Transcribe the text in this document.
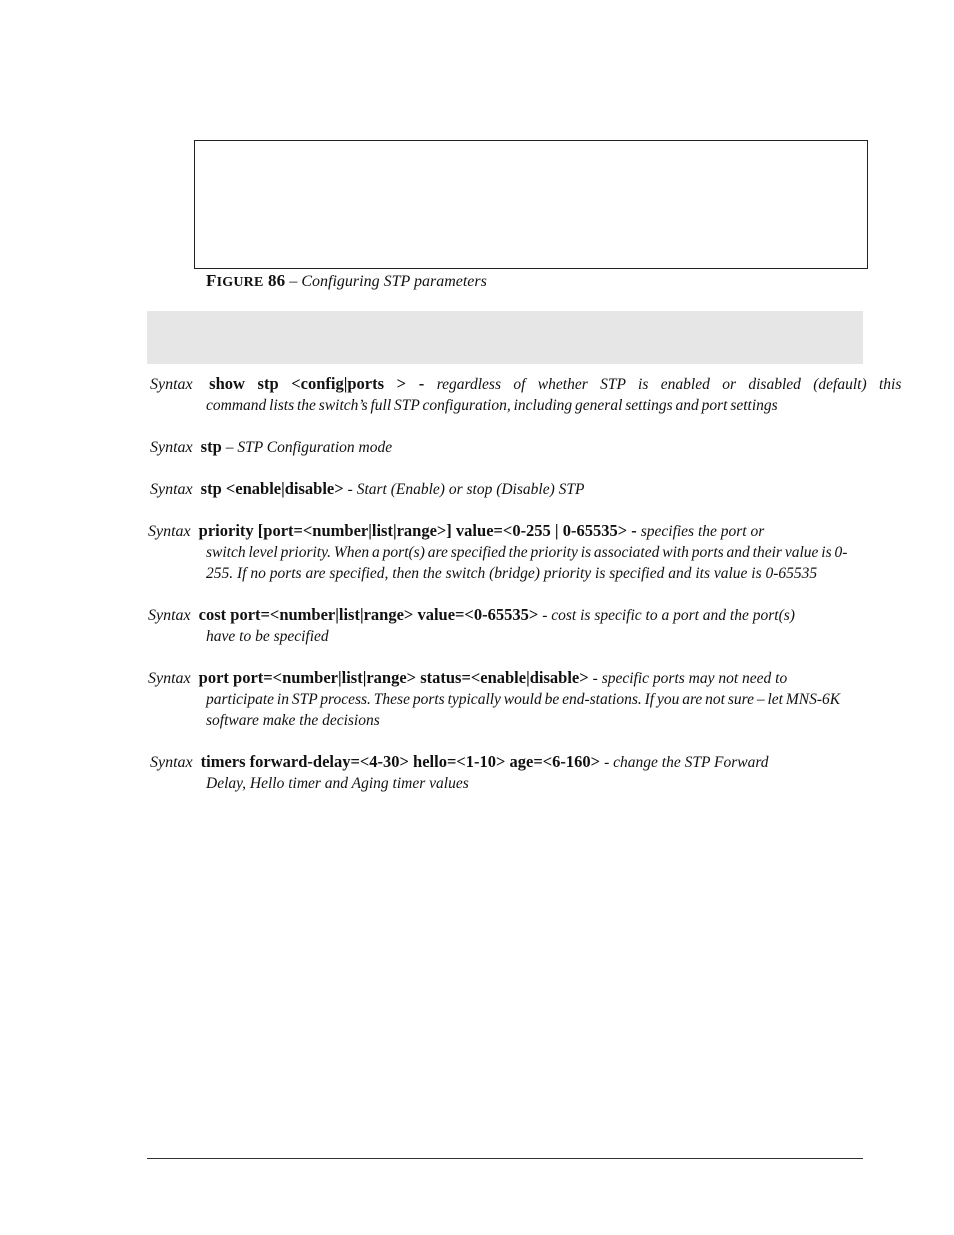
FIGURE 86 – Configuring STP parameters
Syntax show stp <config|ports > - regardless of whether STP is enabled or disabled (default) this
command lists the switch’s full STP configuration, including general settings and port settings
Syntax stp – STP Configuration mode
Syntax stp <enable|disable> - Start (Enable) or stop (Disable) STP
Syntax priority [port=<number|list|range>] value=<0-255 | 0-65535> - specifies the port or
switch level priority. When a port(s) are specified the priority is associated with ports and their value is 0-
255. If no ports are specified, then the switch (bridge) priority is specified and its value is 0-65535
Syntax cost port=<number|list|range> value=<0-65535> - cost is specific to a port and the port(s)
have to be specified
Syntax port port=<number|list|range> status=<enable|disable> - specific ports may not need to
participate in STP process. These ports typically would be end-stations. If you are not sure – let MNS-6K
software make the decisions
Syntax timers forward-delay=<4-30> hello=<1-10> age=<6-160> - change the STP Forward
Delay, Hello timer and Aging timer values
